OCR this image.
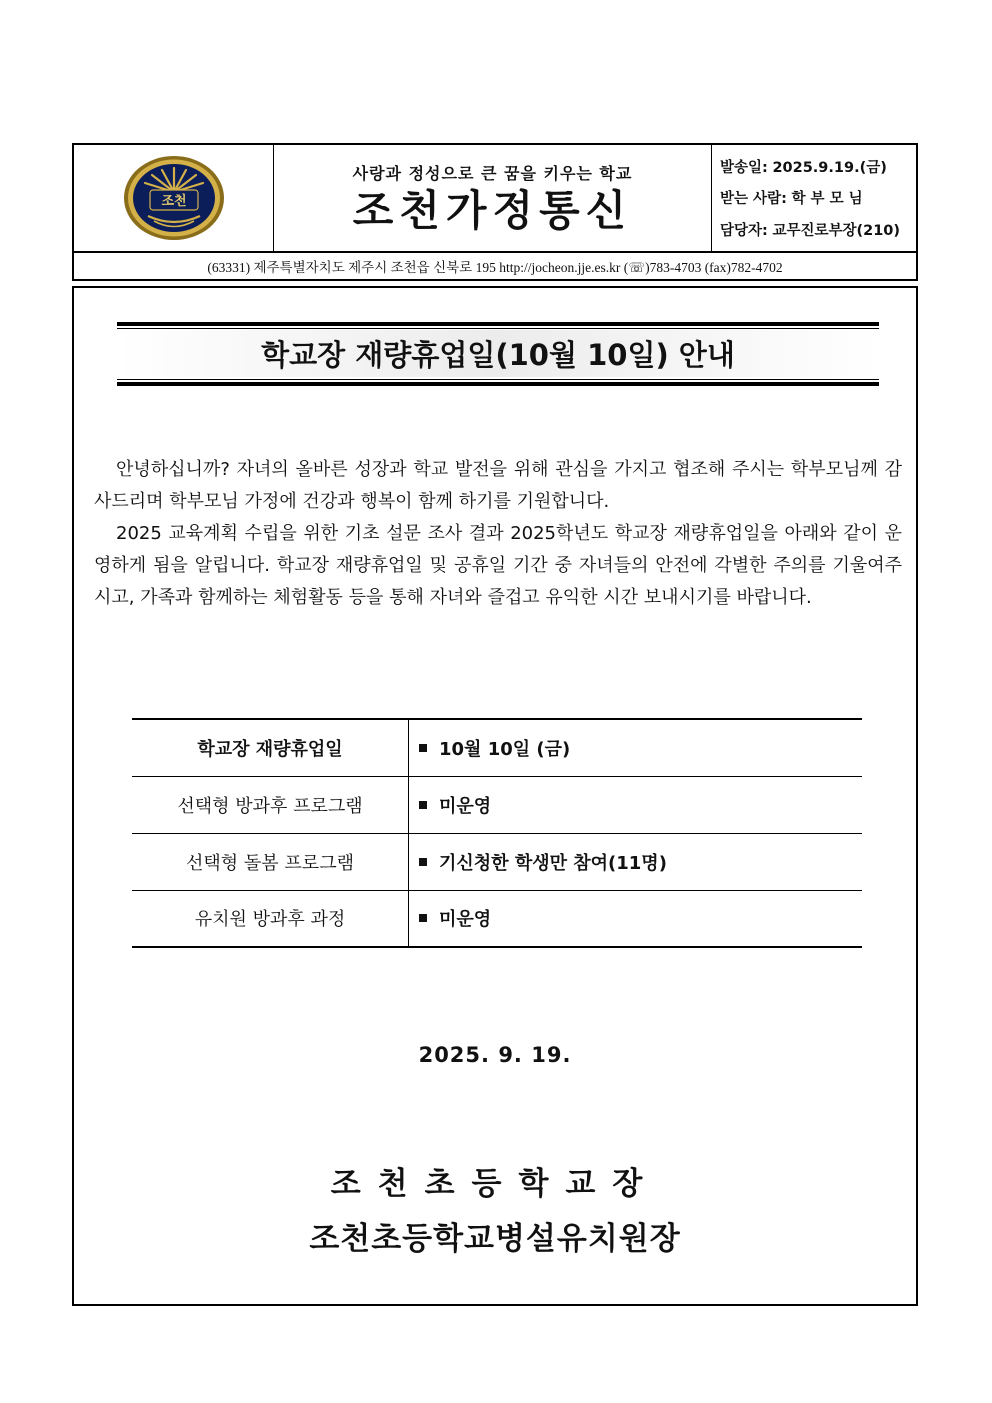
조천
사랑과 정성으로 큰 꿈을 키우는 학교
조천가정통신
발송일: 2025.9.19.(금)
받는 사람: 학 부 모 님
담당자: 교무진로부장(210)
(63331) 제주특별자치도 제주시 조천읍 신북로 195 http://jocheon.jje.es.kr (☏)783-4703 (fax)782-4702
학교장 재량휴업일(10월 10일) 안내
안녕하십니까? 자녀의 올바른 성장과 학교 발전을 위해 관심을 가지고 협조해 주시는 학부모님께 감사드리며 학부모님 가정에 건강과 행복이 함께 하기를 기원합니다.
2025 교육계획 수립을 위한 기초 설문 조사 결과 2025학년도 학교장 재량휴업일을 아래와 같이 운영하게 됨을 알립니다. 학교장 재량휴업일 및 공휴일 기간 중 자녀들의 안전에 각별한 주의를 기울여주시고, 가족과 함께하는 체험활동 등을 통해 자녀와 즐겁고 유익한 시간 보내시기를 바랍니다.
학교장 재량휴업일	10월 10일 (금)
선택형 방과후 프로그램	미운영
선택형 돌봄 프로그램	기신청한 학생만 참여(11명)
유치원 방과후 과정	미운영
2025. 9. 19.
조천초등학교장
조천초등학교병설유치원장
